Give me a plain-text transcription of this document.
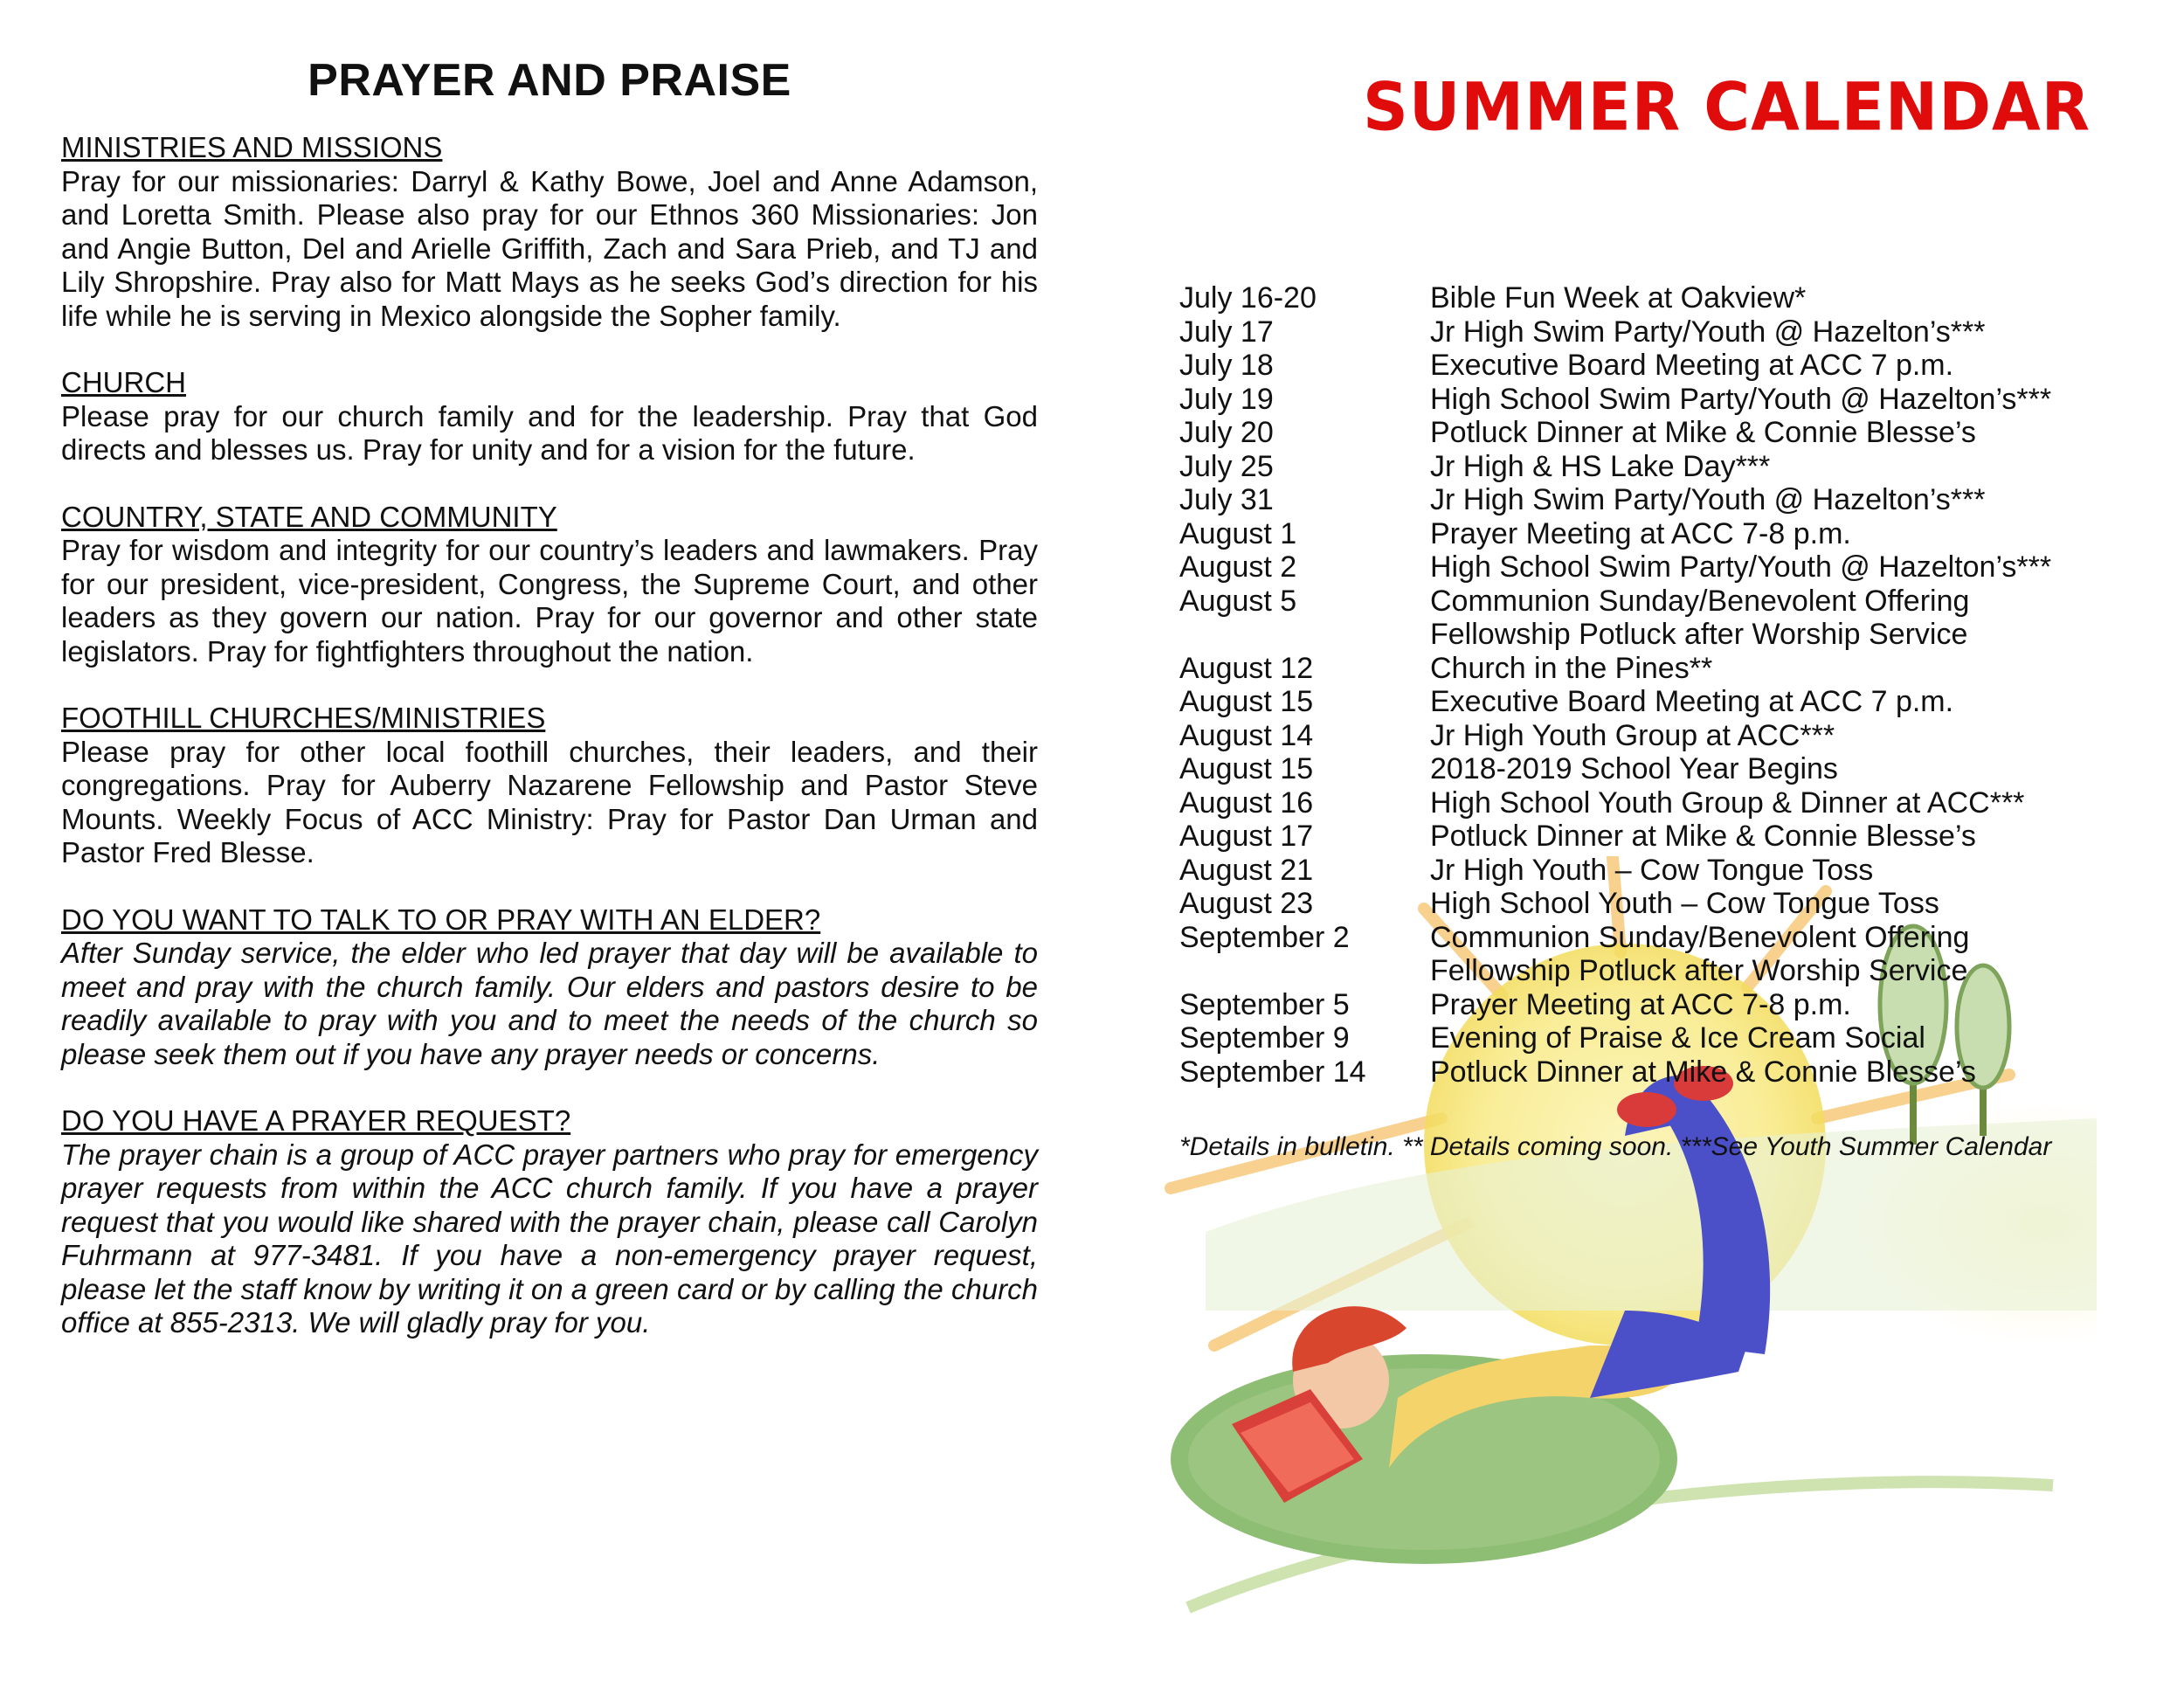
PRAYER AND PRAISE
MINISTRIES AND MISSIONS
Pray for our missionaries: Darryl & Kathy Bowe, Joel and Anne Adamson, and Loretta Smith. Please also pray for our Ethnos 360 Missionaries: Jon and Angie Button, Del and Arielle Griffith, Zach and Sara Prieb, and TJ and Lily Shropshire. Pray also for Matt Mays as he seeks God’s direction for his life while he is serving in Mexico alongside the Sopher family.
CHURCH
Please pray for our church family and for the leadership. Pray that God directs and blesses us. Pray for unity and for a vision for the future.
COUNTRY, STATE AND COMMUNITY
Pray for wisdom and integrity for our country’s leaders and lawmakers. Pray for our president, vice-president, Congress, the Supreme Court, and other leaders as they govern our nation. Pray for our governor and other state legislators. Pray for fightfighters throughout the nation.
FOOTHILL CHURCHES/MINISTRIES
Please pray for other local foothill churches, their leaders, and their congregations. Pray for Auberry Nazarene Fellowship and Pastor Steve Mounts. Weekly Focus of ACC Ministry: Pray for Pastor Dan Urman and Pastor Fred Blesse.
DO YOU WANT TO TALK TO OR PRAY WITH AN ELDER?
After Sunday service, the elder who led prayer that day will be available to meet and pray with the church family. Our elders and pastors desire to be readily available to pray with you and to meet the needs of the church so please seek them out if you have any prayer needs or concerns.
DO YOU HAVE A PRAYER REQUEST?
The prayer chain is a group of ACC prayer partners who pray for emergency prayer requests from within the ACC church family. If you have a prayer request that you would like shared with the prayer chain, please call Carolyn Fuhrmann at 977-3481. If you have a non-emergency prayer request, please let the staff know by writing it on a green card or by calling the church office at 855-2313. We will gladly pray for you.
SUMMER CALENDAR
July 16-20	Bible Fun Week at Oakview*
July 17	Jr High Swim Party/Youth @ Hazelton’s***
July 18	Executive Board Meeting at ACC 7 p.m.
July 19	High School Swim Party/Youth @ Hazelton’s***
July 20	Potluck Dinner at Mike & Connie Blesse’s
July 25	Jr High & HS Lake Day***
July 31	Jr High Swim Party/Youth @ Hazelton’s***
August 1	Prayer Meeting at ACC 7-8 p.m.
August 2	High School Swim Party/Youth @ Hazelton’s***
August 5	Communion Sunday/Benevolent Offering
Fellowship Potluck after Worship Service
August 12	Church in the Pines**
August 15	Executive Board Meeting at ACC 7 p.m.
August 14	Jr High Youth Group at ACC***
August 15	2018-2019 School Year Begins
August 16	High School Youth Group & Dinner at ACC***
August 17	Potluck Dinner at Mike & Connie Blesse’s
August 21	Jr High Youth – Cow Tongue Toss
August 23	High School Youth – Cow Tongue Toss
September 2	Communion Sunday/Benevolent Offering
Fellowship Potluck after Worship Service
September 5	Prayer Meeting at ACC 7-8 p.m.
September 9	Evening of Praise & Ice Cream Social
September 14	Potluck Dinner at Mike & Connie Blesse’s
*Details in bulletin. ** Details coming soon. ***See Youth Summer Calendar
